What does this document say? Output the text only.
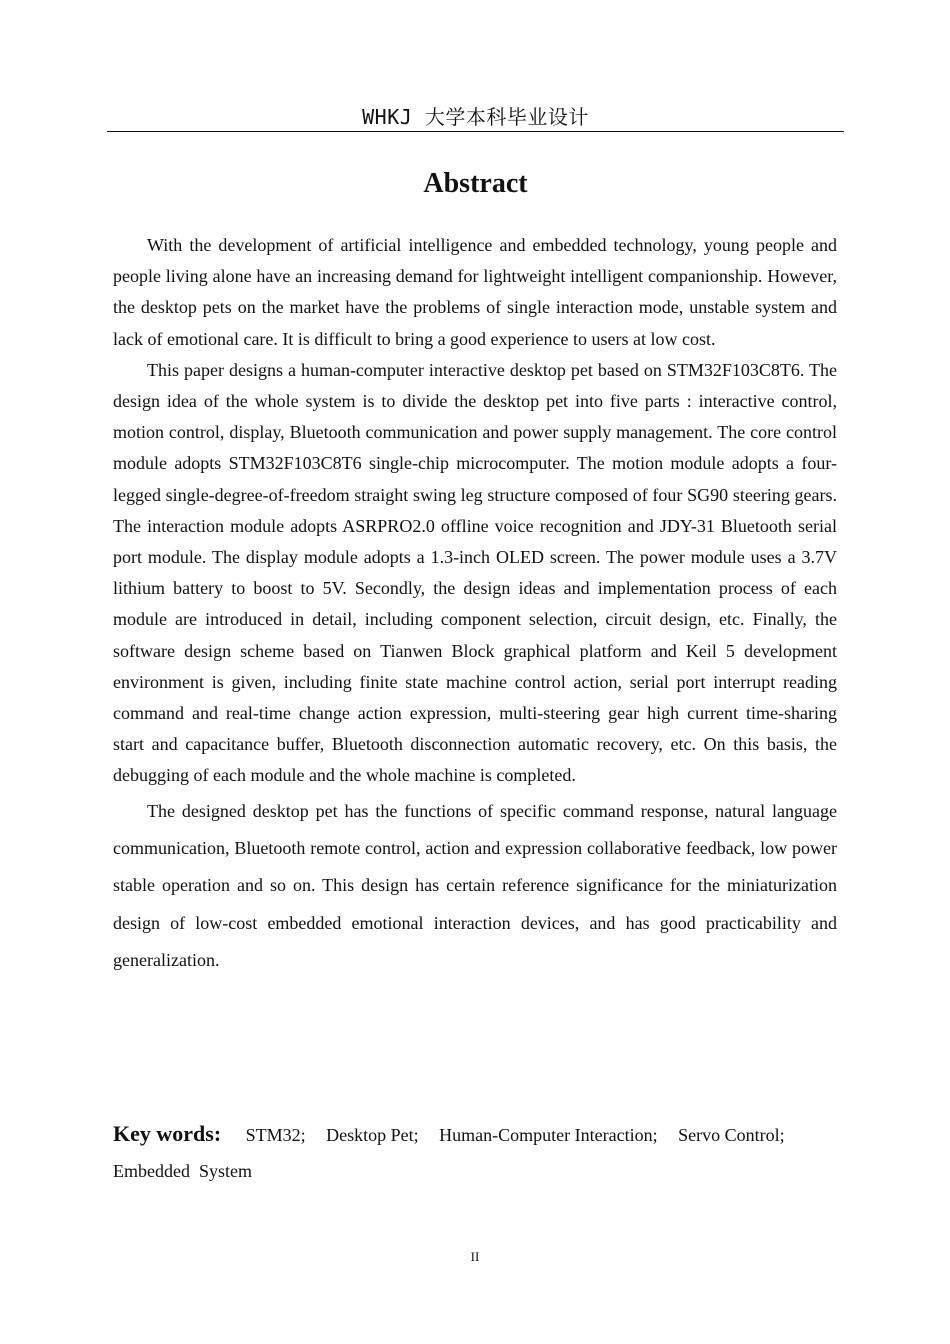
WHKJ 大学本科毕业设计
Abstract

With the development of artificial intelligence and embedded technology, young people and people living alone have an increasing demand for lightweight intelligent companionship. However, the desktop pets on the market have the problems of single interaction mode, unstable system and lack of emotional care. It is difficult to bring a good experience to users at low cost.

This paper designs a human-computer interactive desktop pet based on STM32F103C8T6. The design idea of the whole system is to divide the desktop pet into five parts : interactive control, motion control, display, Bluetooth communication and power supply management. The core control module adopts STM32F103C8T6 single-chip microcomputer. The motion module adopts a four-legged single-degree-of-freedom straight swing leg structure composed of four SG90 steering gears. The interaction module adopts ASRPRO2.0 offline voice recognition and JDY-31 Bluetooth serial port module. The display module adopts a 1.3-inch OLED screen. The power module uses a 3.7V lithium battery to boost to 5V. Secondly, the design ideas and implementation process of each module are introduced in detail, including component selection, circuit design, etc. Finally, the software design scheme based on Tianwen Block graphical platform and Keil 5 development environment is given, including finite state machine control action, serial port interrupt reading command and real-time change action expression, multi-steering gear high current time-sharing start and capacitance buffer, Bluetooth disconnection automatic recovery, etc. On this basis, the debugging of each module and the whole machine is completed.

The designed desktop pet has the functions of specific command response, natural language communication, Bluetooth remote control, action and expression collaborative feedback, low power stable operation and so on. This design has certain reference significance for the miniaturization design of low-cost embedded emotional interaction devices, and has good practicability and generalization.

Key words: STM32; Desktop Pet; Human-Computer Interaction; Servo Control;
Embedded  System
II
